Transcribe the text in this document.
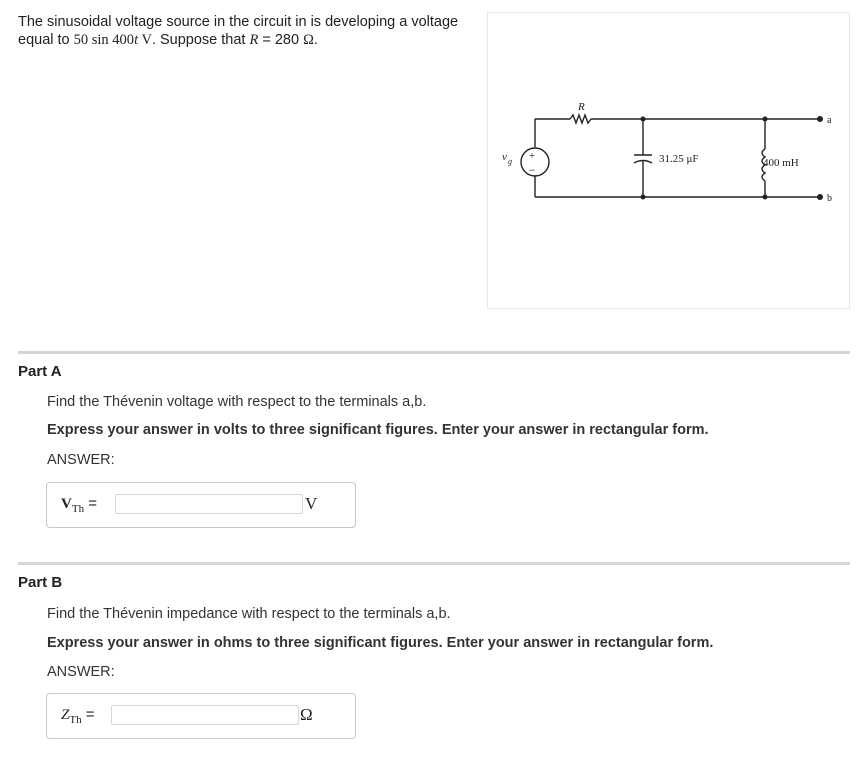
The sinusoidal voltage source in the circuit in is developing a voltage
equal to 50 sin 400t V. Suppose that R = 280 Ω.
R
+
−
v g	31.25 μF	400 mH
a
b
Part A
Find the Thévenin voltage with respect to the terminals a,b.
Express your answer in volts to three significant figures. Enter your answer in rectangular form.
ANSWER:
$V_{Th}$ =	V
Part B
Find the Thévenin impedance with respect to the terminals a,b.
Express your answer in ohms to three significant figures. Enter your answer in rectangular form.
ANSWER:
$Z_{Th}$ =	Ω
